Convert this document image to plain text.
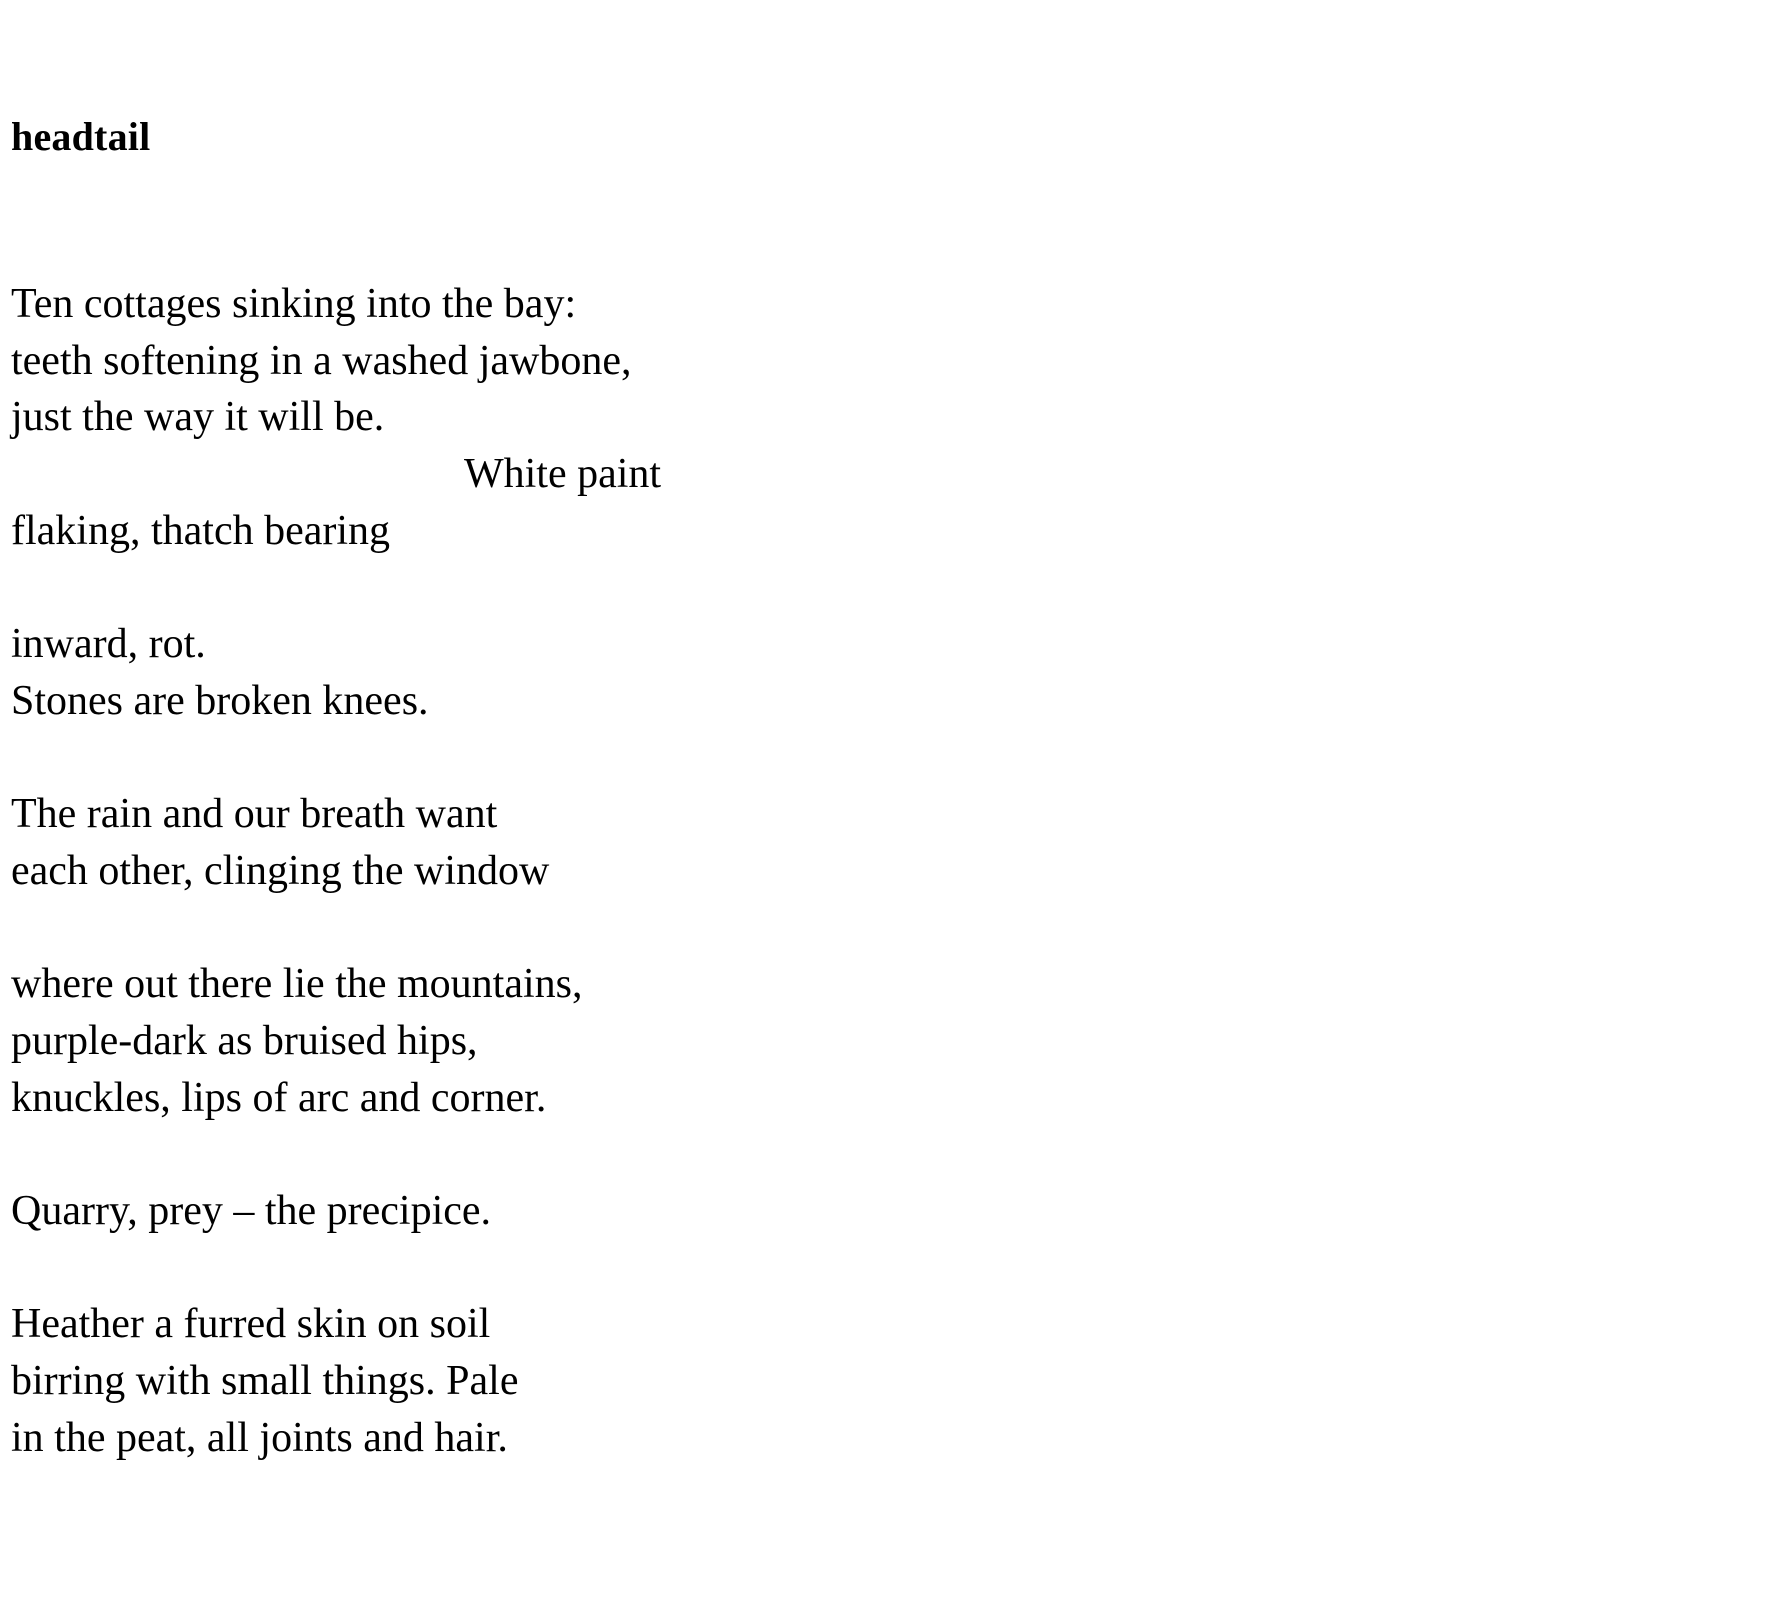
headtail
Ten cottages sinking into the bay:
teeth softening in a washed jawbone,
just the way it will be.
White paint
flaking, thatch bearing
inward, rot.
Stones are broken knees.
The rain and our breath want
each other, clinging the window
where out there lie the mountains,
purple-dark as bruised hips,
knuckles, lips of arc and corner.
Quarry, prey – the precipice.
Heather a furred skin on soil
birring with small things. Pale
in the peat, all joints and hair.
